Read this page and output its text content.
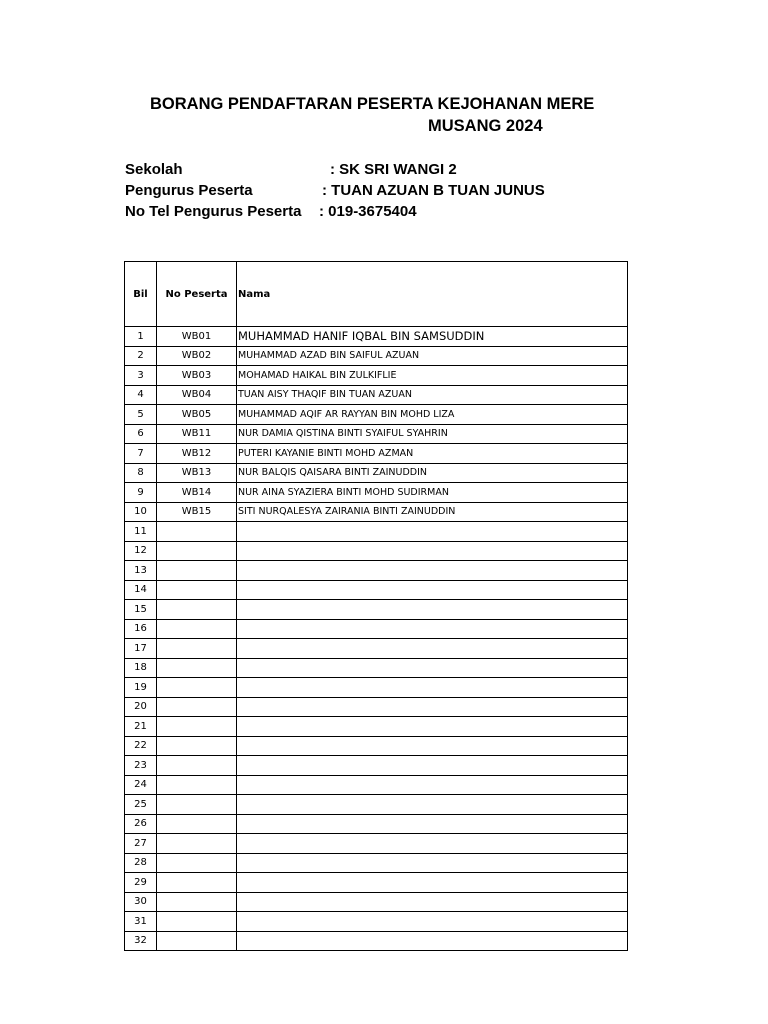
BORANG PENDAFTARAN PESERTA KEJOHANAN MERE
MUSANG 2024
Sekolah	: SK SRI WANGI 2
Pengurus Peserta	: TUAN AZUAN B TUAN JUNUS
No Tel Pengurus Peserta : 019-3675404
Bil	No Peserta	Nama
1	WB01	MUHAMMAD HANIF IQBAL BIN SAMSUDDIN
2	WB02	MUHAMMAD AZAD BIN SAIFUL AZUAN
3	WB03	MOHAMAD HAIKAL BIN ZULKIFLIE
4	WB04	TUAN AISY THAQIF BIN TUAN AZUAN
5	WB05	MUHAMMAD AQIF AR RAYYAN BIN MOHD LIZA
6	WB11	NUR DAMIA QISTINA BINTI SYAIFUL SYAHRIN
7	WB12	PUTERI KAYANIE BINTI MOHD AZMAN
8	WB13	NUR BALQIS QAISARA BINTI ZAINUDDIN
9	WB14	NUR AINA SYAZIERA BINTI MOHD SUDIRMAN
10	WB15	SITI NURQALESYA ZAIRANIA BINTI ZAINUDDIN
11		
12		
13		
14		
15		
16		
17		
18		
19		
20		
21		
22		
23		
24		
25		
26		
27		
28		
29		
30		
31		
32		
